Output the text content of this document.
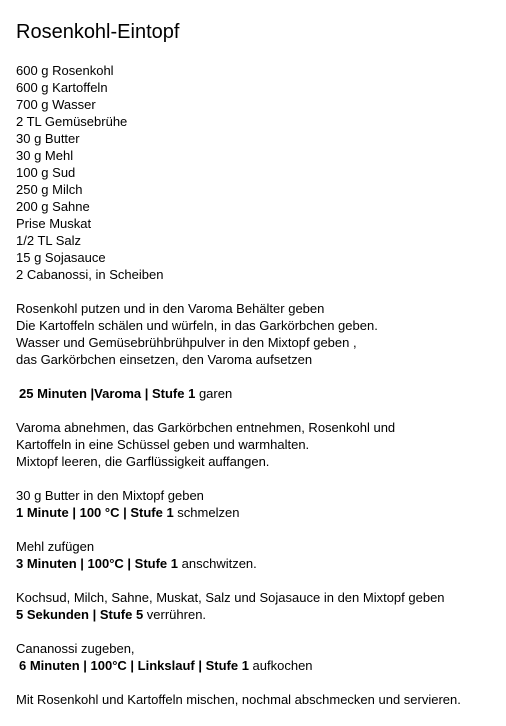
Rosenkohl-Eintopf
600 g Rosenkohl
600 g Kartoffeln
700 g Wasser
2 TL Gemüsebrühe
30 g Butter
30 g Mehl
100 g Sud
250 g Milch
200 g Sahne
Prise Muskat
1/2 TL Salz
15 g Sojasauce
2 Cabanossi, in Scheiben

Rosenkohl putzen und in den Varoma Behälter geben

Die Kartoffeln schälen und würfeln, in das Garkörbchen geben.

Wasser und Gemüsebrühbrühpulver in den Mixtopf geben ,

das Garkörbchen einsetzen, den Varoma aufsetzen

25 Minuten |Varoma | Stufe 1 garen

Varoma abnehmen, das Garkörbchen entnehmen, Rosenkohl und

Kartoffeln in eine Schüssel geben und warmhalten.

Mixtopf leeren, die Garflüssigkeit auffangen.

30 g Butter in den Mixtopf geben

1 Minute | 100 °C | Stufe 1 schmelzen

Mehl zufügen

3 Minuten | 100°C | Stufe 1 anschwitzen.

Kochsud, Milch, Sahne, Muskat, Salz und Sojasauce in den Mixtopf geben

5 Sekunden | Stufe 5 verrühren.

Cananossi zugeben,

6 Minuten | 100°C | Linkslauf | Stufe 1 aufkochen

Mit Rosenkohl und Kartoffeln mischen, nochmal abschmecken und servieren.
